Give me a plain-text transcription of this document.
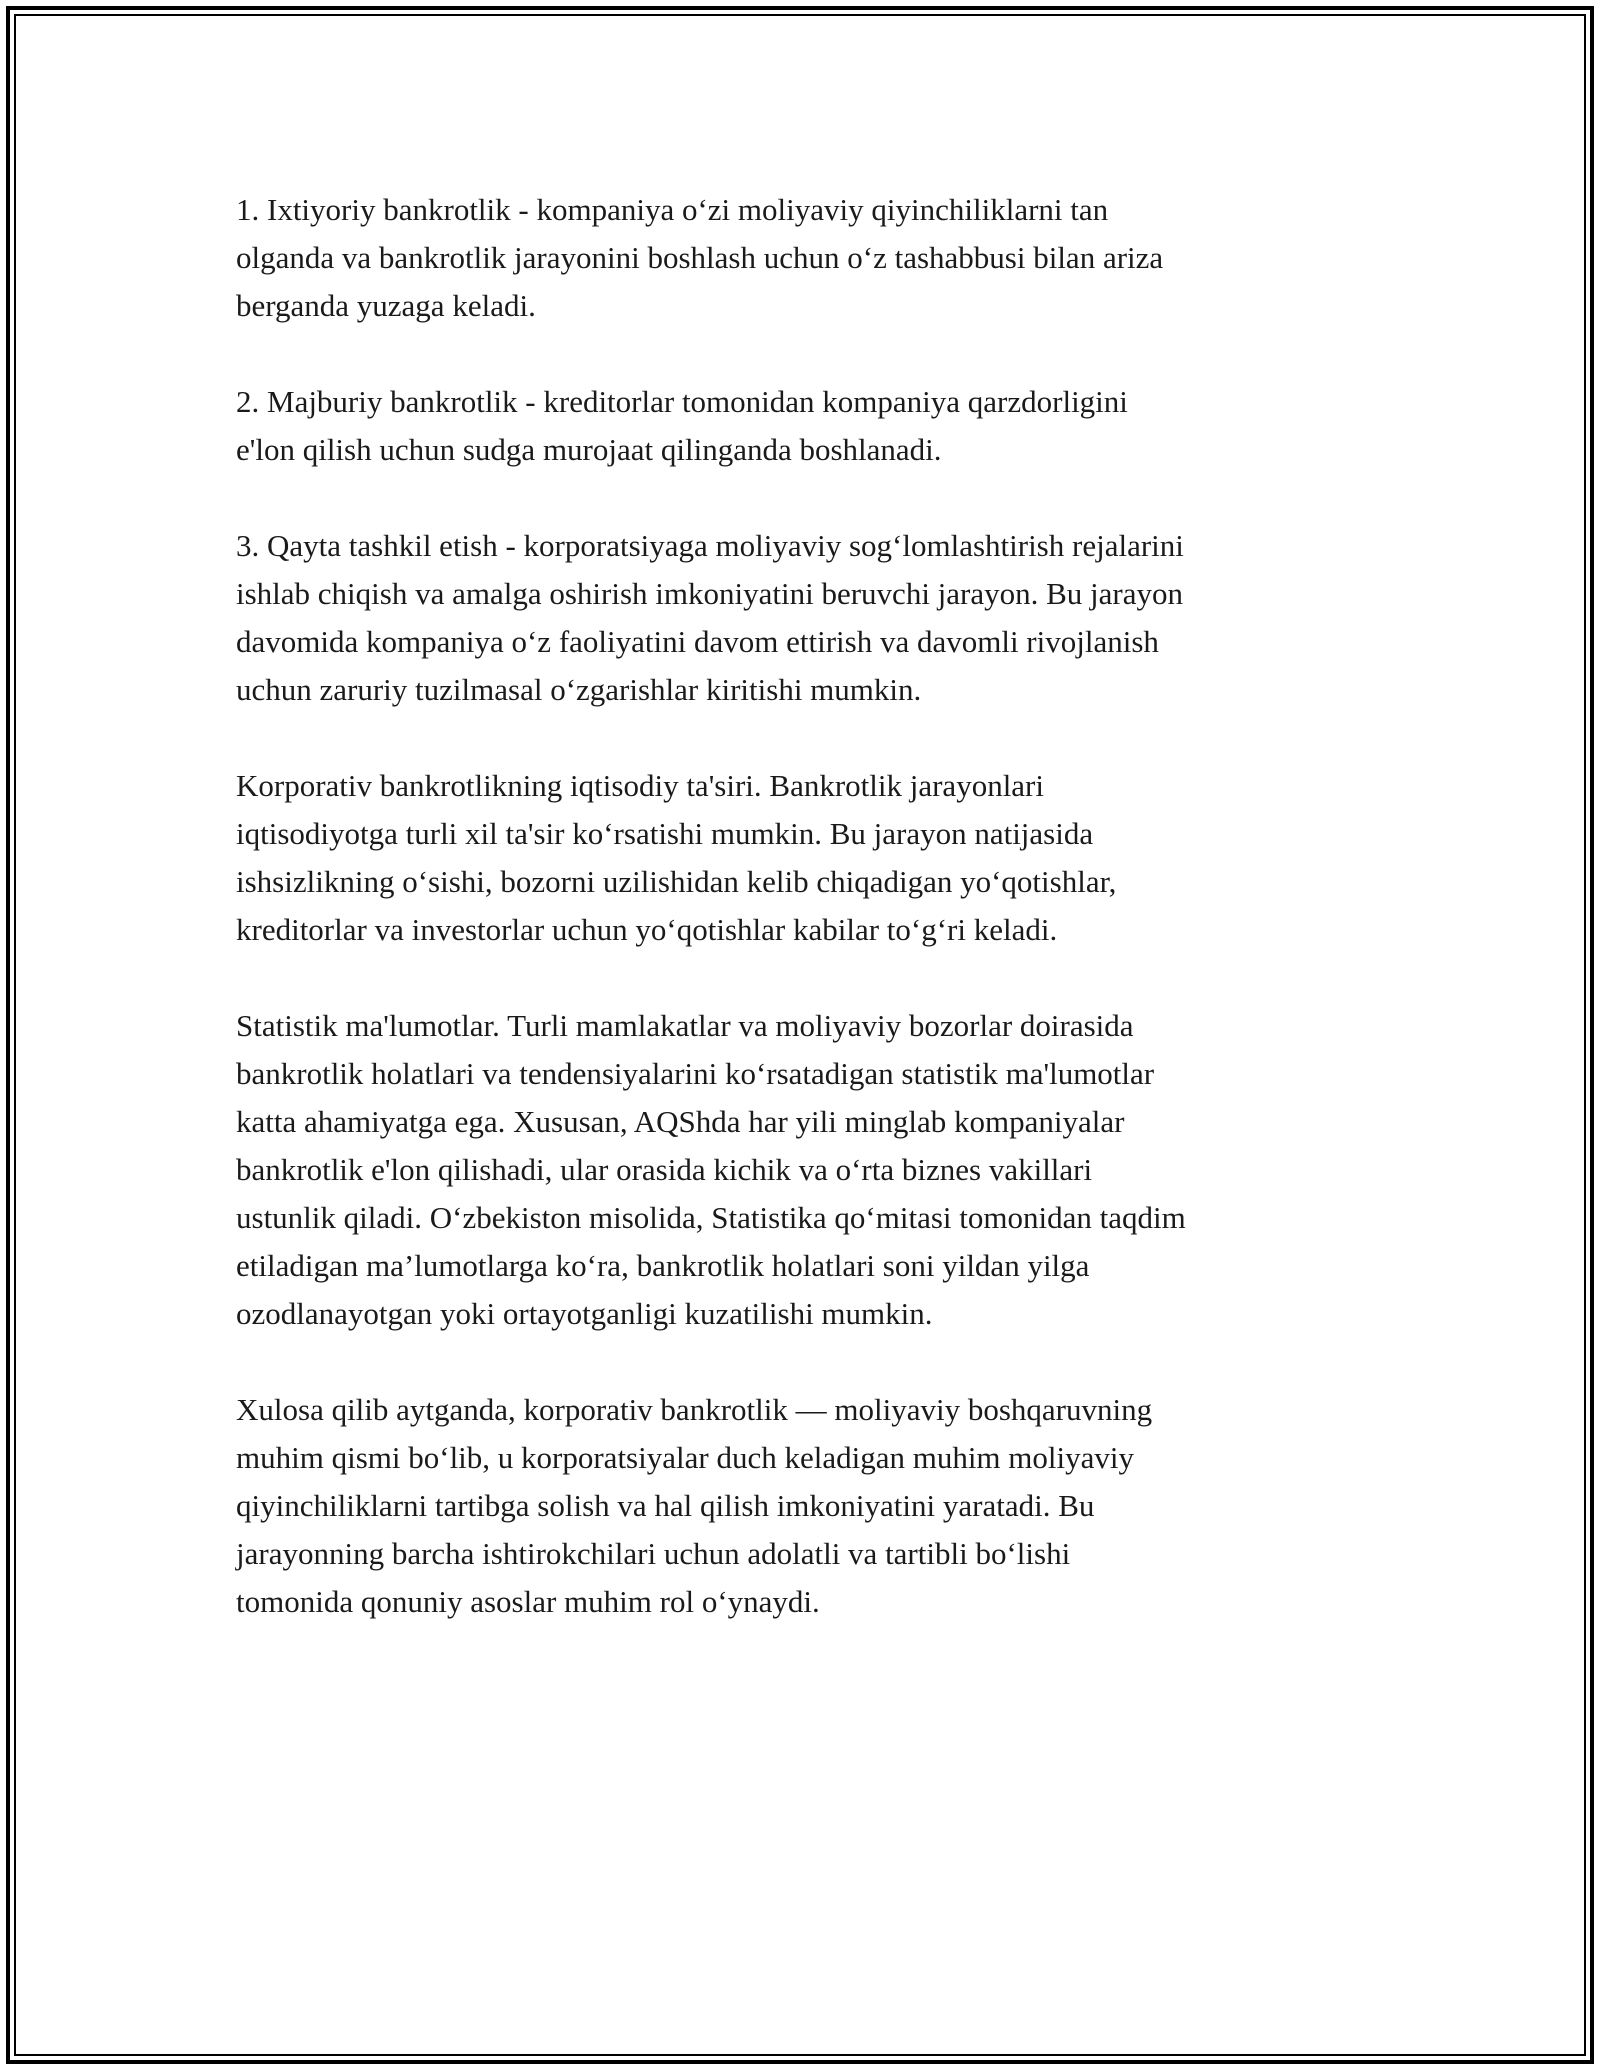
1. Ixtiyoriy bankrotlik - kompaniya o‘zi moliyaviy qiyinchiliklarni tan
olganda va bankrotlik jarayonini boshlash uchun o‘z tashabbusi bilan ariza
berganda yuzaga keladi.

2. Majburiy bankrotlik - kreditorlar tomonidan kompaniya qarzdorligini
e'lon qilish uchun sudga murojaat qilinganda boshlanadi.

3. Qayta tashkil etish - korporatsiyaga moliyaviy sog‘lomlashtirish rejalarini
ishlab chiqish va amalga oshirish imkoniyatini beruvchi jarayon. Bu jarayon
davomida kompaniya o‘z faoliyatini davom ettirish va davomli rivojlanish
uchun zaruriy tuzilmasal o‘zgarishlar kiritishi mumkin.

Korporativ bankrotlikning iqtisodiy ta'siri. Bankrotlik jarayonlari
iqtisodiyotga turli xil ta'sir ko‘rsatishi mumkin. Bu jarayon natijasida
ishsizlikning o‘sishi, bozorni uzilishidan kelib chiqadigan yo‘qotishlar,
kreditorlar va investorlar uchun yo‘qotishlar kabilar to‘g‘ri keladi.

Statistik ma'lumotlar. Turli mamlakatlar va moliyaviy bozorlar doirasida
bankrotlik holatlari va tendensiyalarini ko‘rsatadigan statistik ma'lumotlar
katta ahamiyatga ega. Xususan, AQShda har yili minglab kompaniyalar
bankrotlik e'lon qilishadi, ular orasida kichik va o‘rta biznes vakillari
ustunlik qiladi. O‘zbekiston misolida, Statistika qo‘mitasi tomonidan taqdim
etiladigan ma’lumotlarga ko‘ra, bankrotlik holatlari soni yildan yilga
ozodlanayotgan yoki ortayotganligi kuzatilishi mumkin.

Xulosa qilib aytganda, korporativ bankrotlik — moliyaviy boshqaruvning
muhim qismi bo‘lib, u korporatsiyalar duch keladigan muhim moliyaviy
qiyinchiliklarni tartibga solish va hal qilish imkoniyatini yaratadi. Bu
jarayonning barcha ishtirokchilari uchun adolatli va tartibli bo‘lishi
tomonida qonuniy asoslar muhim rol o‘ynaydi.
